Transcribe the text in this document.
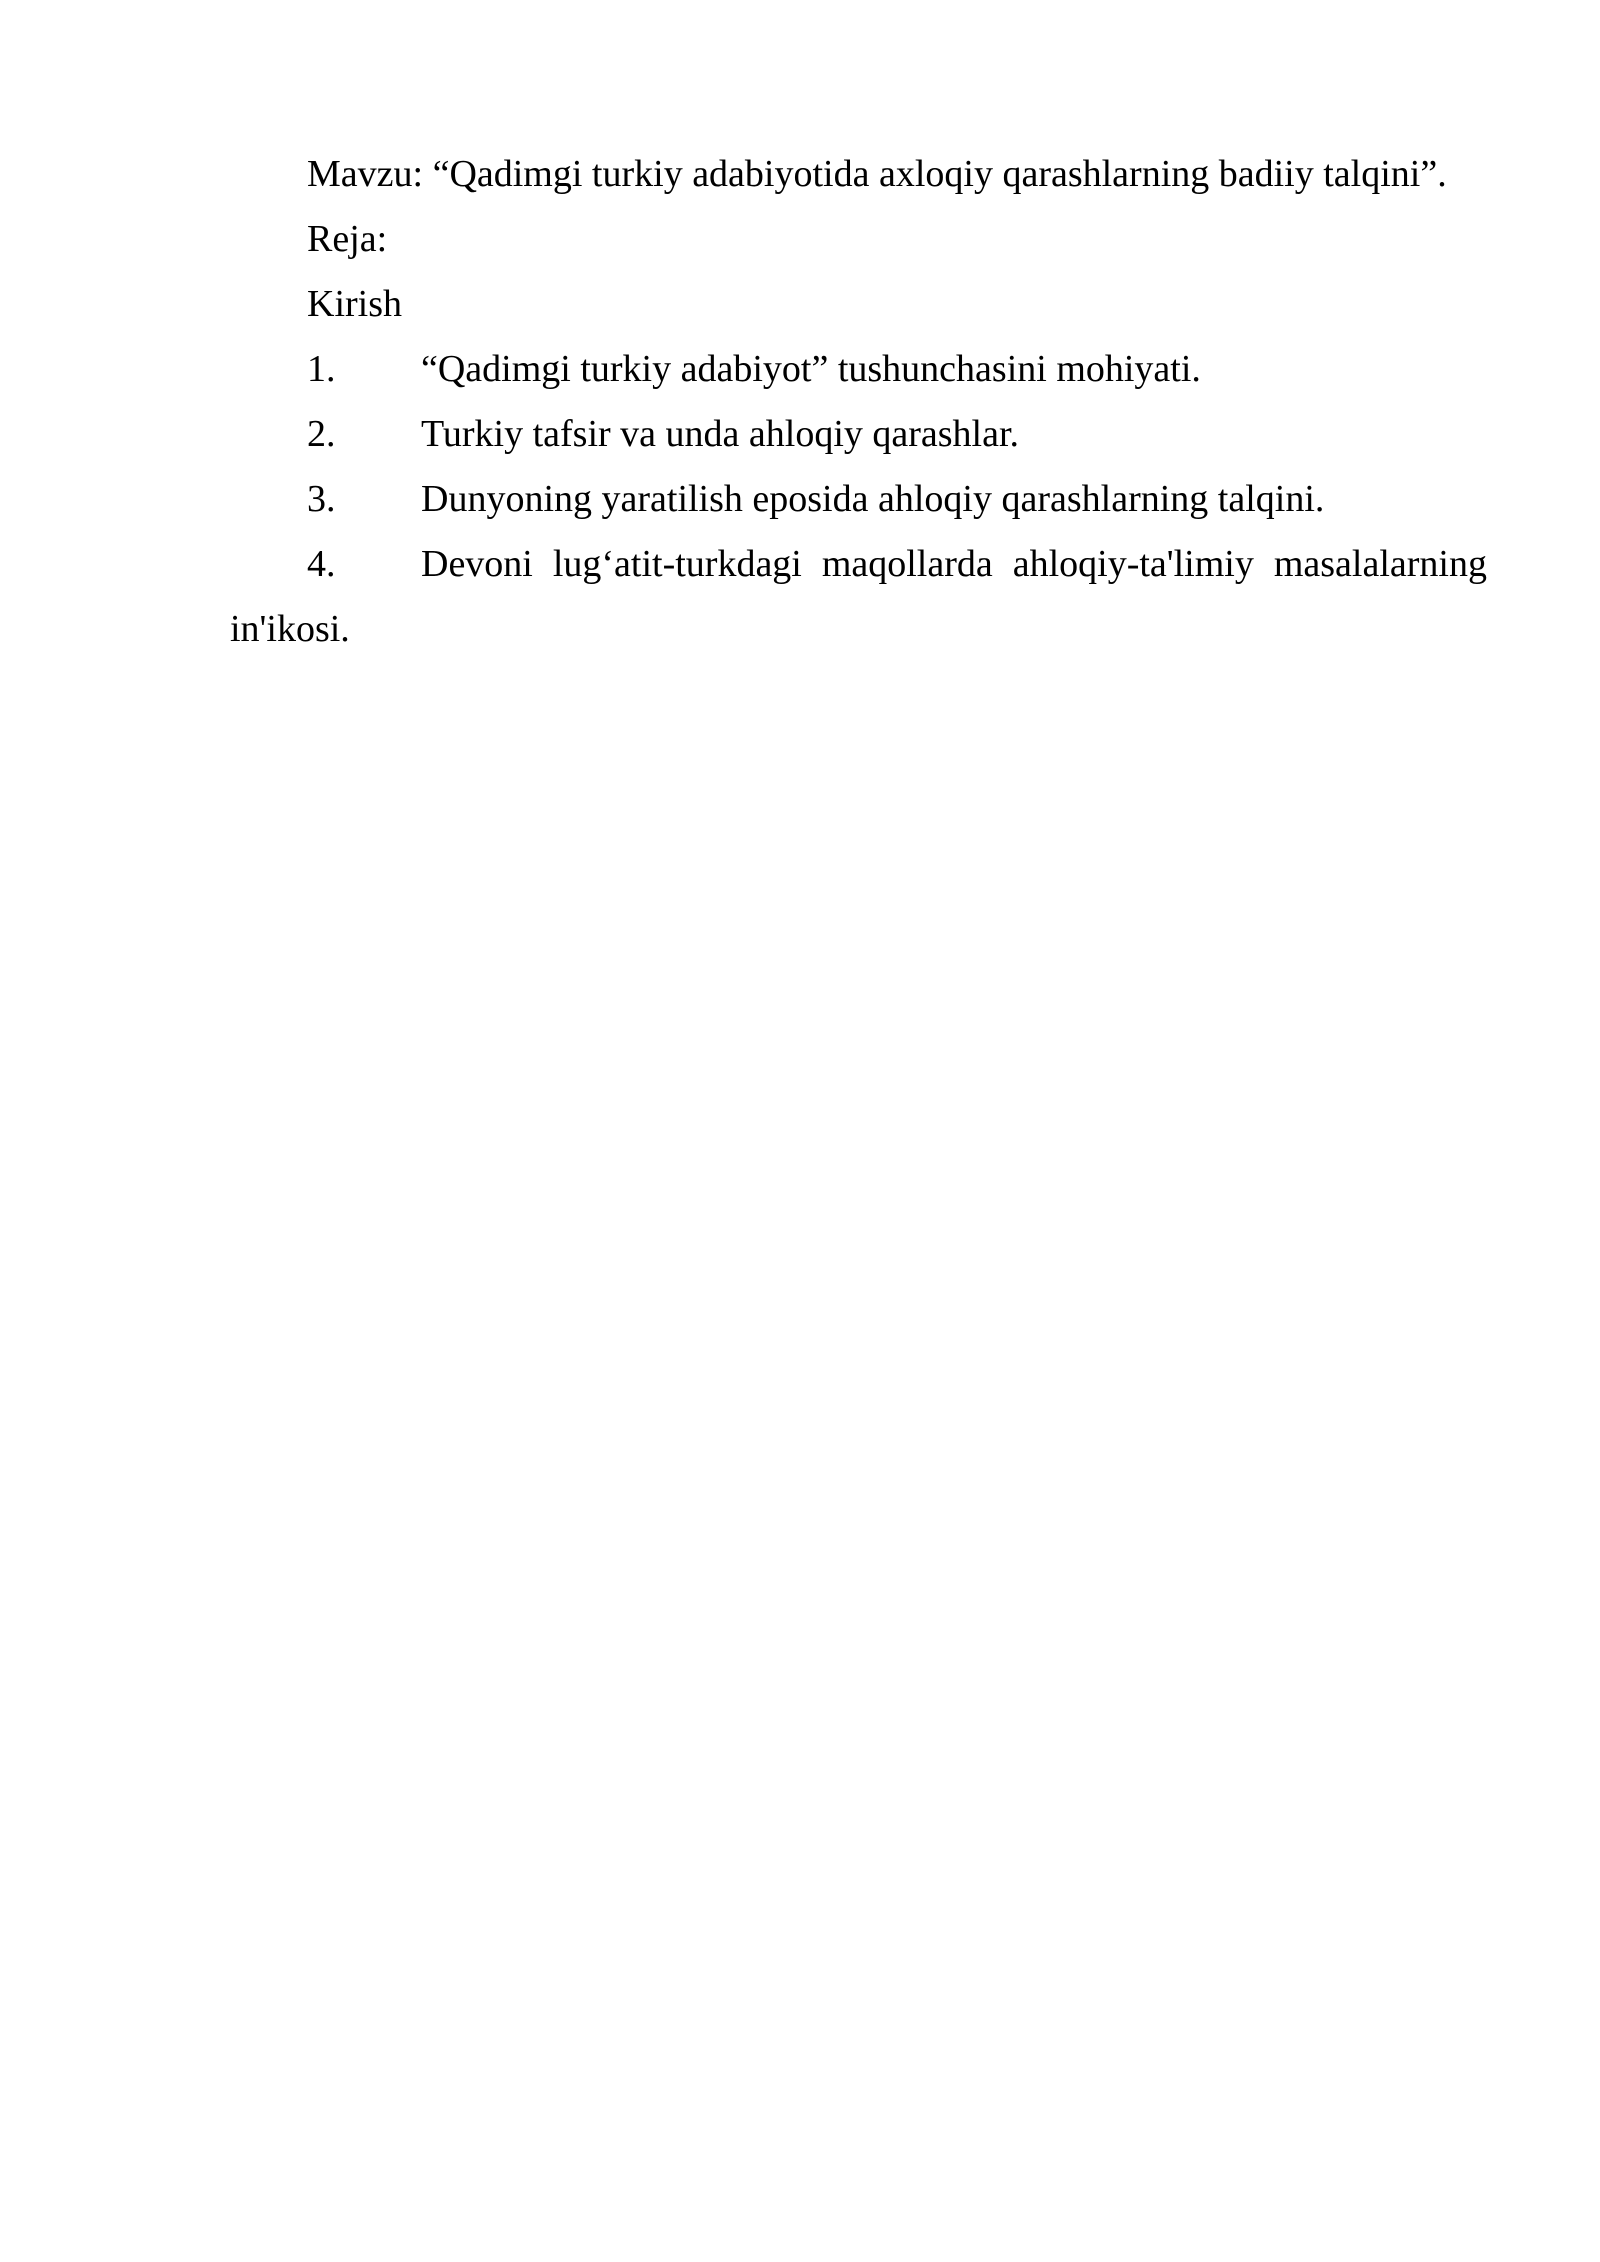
Mavzu: “Qadimgi turkiy adabiyotida axloqiy qarashlarning badiiy talqini”.

Reja:

Kirish

1.	“Qadimgi turkiy adabiyot” tushunchasini mohiyati.
2.	Turkiy tafsir va unda ahloqiy qarashlar.
3.	Dunyoning yaratilish eposida ahloqiy qarashlarning talqini.
4.	Devoni lug‘atit-turkdagi maqollarda ahloqiy-ta'limiy masalalarning

in'ikosi.
